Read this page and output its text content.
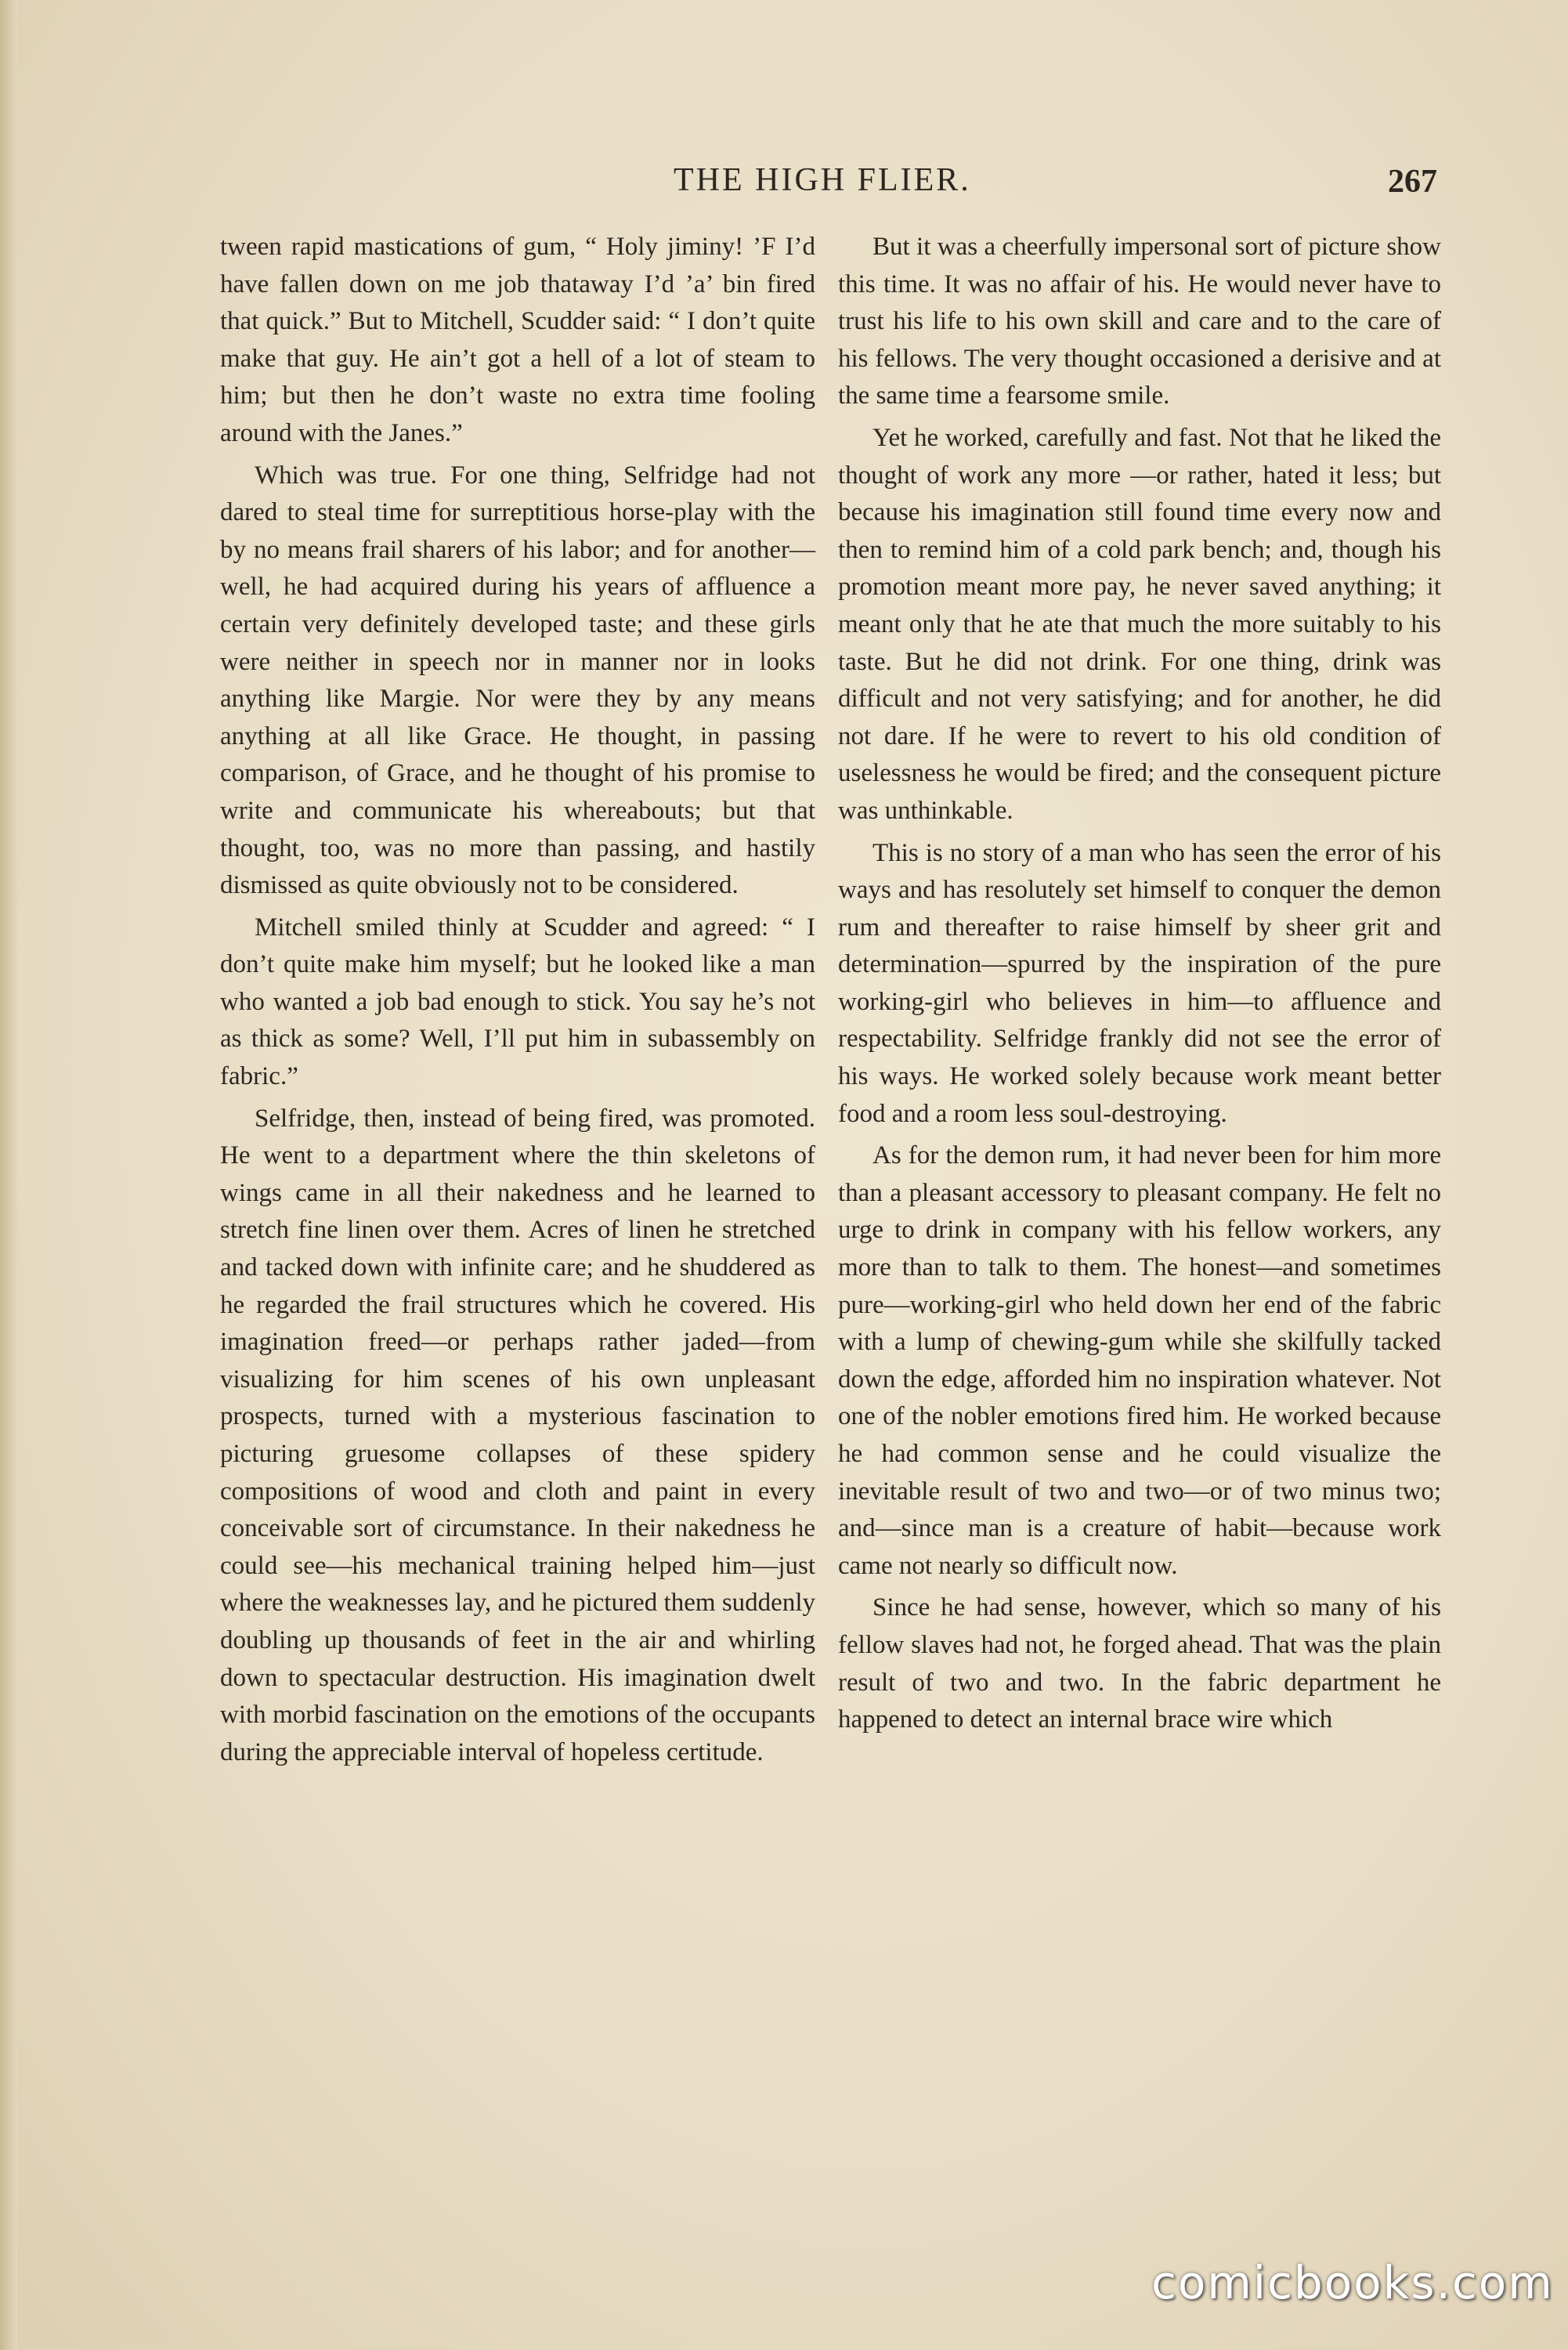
THE HIGH FLIER.	267

tween rapid mastications of gum, “ Holy jiminy! ’F I’d have fallen down on me job thataway I’d ’a’ bin fired that quick.” But to Mitchell, Scudder said: “ I don’t quite make that guy. He ain’t got a hell of a lot of steam to him; but then he don’t waste no extra time fooling around with the Janes.”

Which was true. For one thing, Selfridge had not dared to steal time for surreptitious horse-play with the by no means frail sharers of his labor; and for another—well, he had acquired during his years of affluence a certain very definitely developed taste; and these girls were neither in speech nor in manner nor in looks anything like Margie. Nor were they by any means anything at all like Grace. He thought, in passing comparison, of Grace, and he thought of his promise to write and communicate his whereabouts; but that thought, too, was no more than passing, and hastily dismissed as quite obviously not to be considered.

Mitchell smiled thinly at Scudder and agreed: “ I don’t quite make him myself; but he looked like a man who wanted a job bad enough to stick. You say he’s not as thick as some? Well, I’ll put him in subassembly on fabric.”

Selfridge, then, instead of being fired, was promoted. He went to a department where the thin skeletons of wings came in all their nakedness and he learned to stretch fine linen over them. Acres of linen he stretched and tacked down with infinite care; and he shuddered as he regarded the frail structures which he covered. His imagination freed—or perhaps rather jaded—from visualizing for him scenes of his own unpleasant prospects, turned with a mysterious fascination to picturing gruesome collapses of these spidery compositions of wood and cloth and paint in every conceivable sort of circumstance. In their nakedness he could see—his mechanical training helped him—just where the weaknesses lay, and he pictured them suddenly doubling up thousands of feet in the air and whirling down to spectacular destruction. His imagination dwelt with morbid fascination on the emotions of the occupants during the appreciable interval of hopeless certitude.

But it was a cheerfully impersonal sort of picture show this time. It was no affair of his. He would never have to trust his life to his own skill and care and to the care of his fellows. The very thought occasioned a derisive and at the same time a fearsome smile.

Yet he worked, carefully and fast. Not that he liked the thought of work any more —or rather, hated it less; but because his imagination still found time every now and then to remind him of a cold park bench; and, though his promotion meant more pay, he never saved anything; it meant only that he ate that much the more suitably to his taste. But he did not drink. For one thing, drink was difficult and not very satisfying; and for another, he did not dare. If he were to revert to his old condition of uselessness he would be fired; and the consequent picture was unthinkable.

This is no story of a man who has seen the error of his ways and has resolutely set himself to conquer the demon rum and thereafter to raise himself by sheer grit and determination—spurred by the inspiration of the pure working-girl who believes in him—to affluence and respectability. Selfridge frankly did not see the error of his ways. He worked solely because work meant better food and a room less soul-destroying.

As for the demon rum, it had never been for him more than a pleasant accessory to pleasant company. He felt no urge to drink in company with his fellow workers, any more than to talk to them. The honest—and sometimes pure—working-girl who held down her end of the fabric with a lump of chewing-gum while she skilfully tacked down the edge, afforded him no inspiration whatever. Not one of the nobler emotions fired him. He worked because he had common sense and he could visualize the inevitable result of two and two—or of two minus two; and—since man is a creature of habit—because work came not nearly so difficult now.

Since he had sense, however, which so many of his fellow slaves had not, he forged ahead. That was the plain result of two and two. In the fabric department he happened to detect an internal brace wire which

comicbooks.com
